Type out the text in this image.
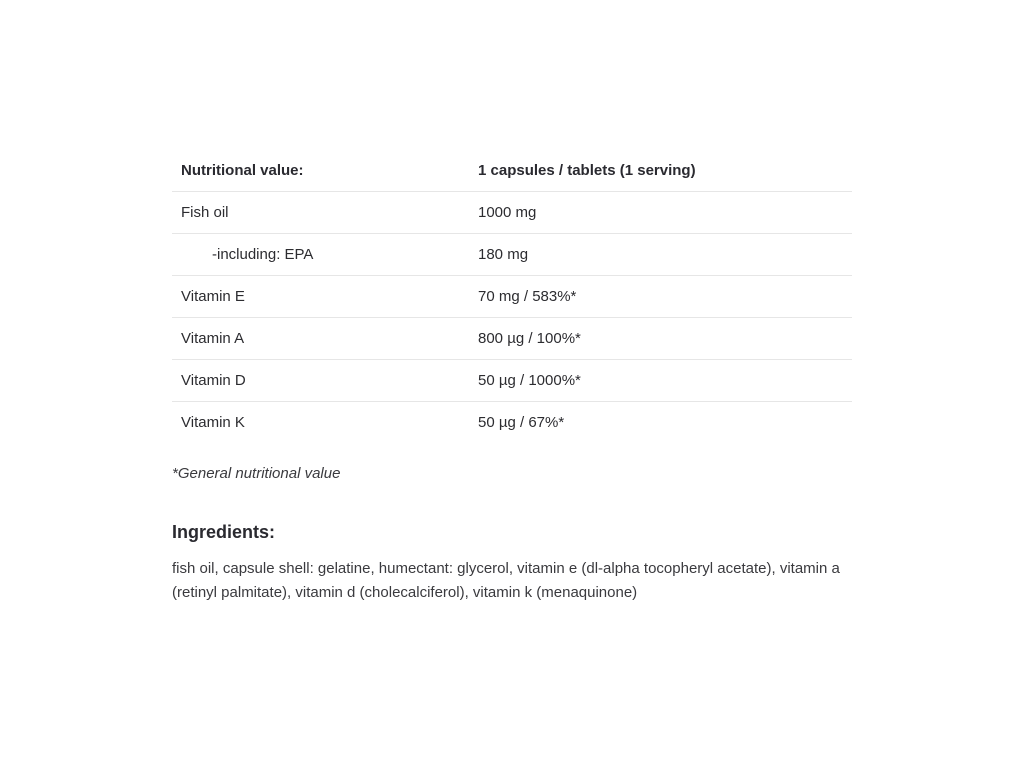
Nutritional value:	1 capsules / tablets (1 serving)
Fish oil	1000 mg
-including: EPA	180 mg
Vitamin E	70 mg / 583%*
Vitamin A	800 µg / 100%*
Vitamin D	50 µg / 1000%*
Vitamin K	50 µg / 67%*
*General nutritional value
Ingredients:
fish oil, capsule shell: gelatine, humectant: glycerol, vitamin e (dl-alpha tocopheryl acetate), vitamin a (retinyl palmitate), vitamin d (cholecalciferol), vitamin k (menaquinone)
